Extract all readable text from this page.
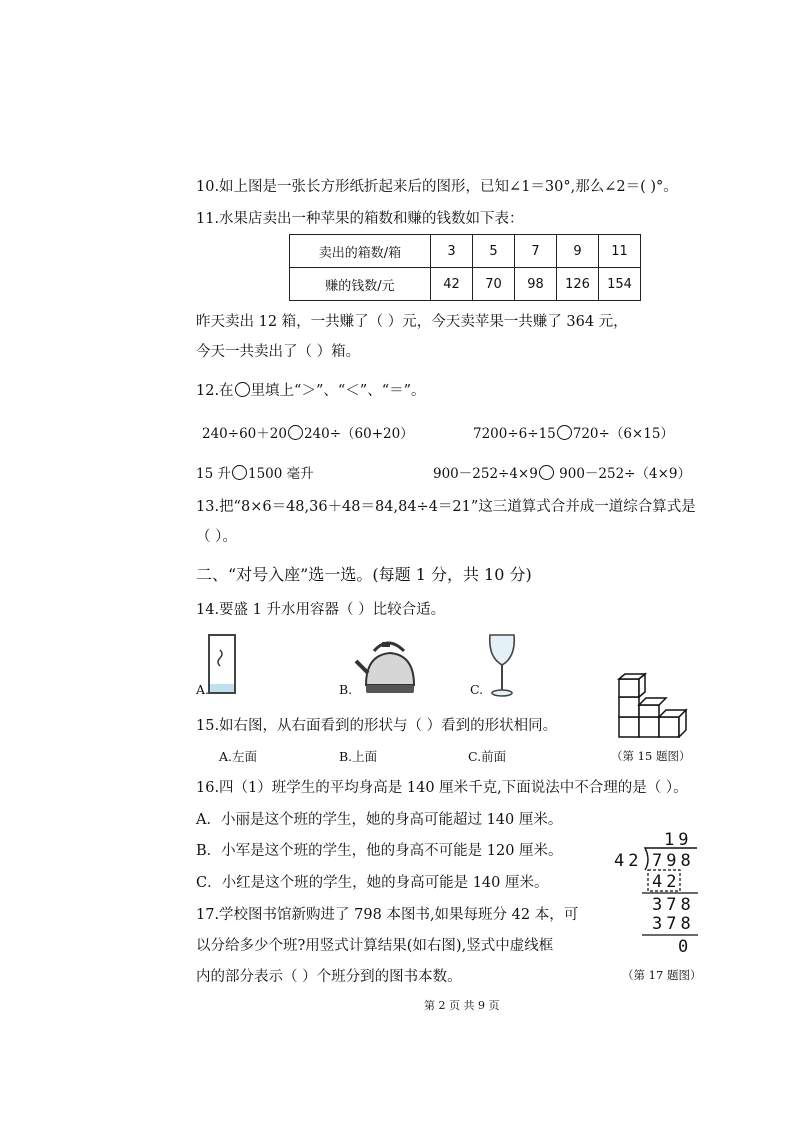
10.如上图是一张长方形纸折起来后的图形，已知∠1＝30°,那么∠2＝( )°。
11.水果店卖出一种苹果的箱数和赚的钱数如下表：
卖出的箱数/箱	3	5	7	9	11
赚的钱数/元	42	70	98	126	154
昨天卖出 12 箱，一共赚了（ ）元，今天卖苹果一共赚了 364 元，
今天一共卖出了（ ）箱。
12.在 里填上“＞”、“＜”、“＝”。
240÷60＋20 240÷（60+20）	7200÷6÷15 720÷（6×15）
15 升 1500 毫升	900－252÷4×9 900－252÷（4×9）
13.把“8×6＝48,36＋48＝84,84÷4＝21”这三道算式合并成一道综合算式是
（ ）。
二、“对号入座”选一选。(每题 1 分，共 10 分)
14.要盛 1 升水用容器（ ）比较合适。
A.	B.	C.
15.如右图，从右面看到的形状与（ ）看到的形状相同。
A.左面	B.上面	C.前面	（第 15 题图）
16.四（1）班学生的平均身高是 140 厘米千克,下面说法中不合理的是（ ）。
A．小丽是这个班的学生，她的身高可能超过 140 厘米。
B．小军是这个班的学生，他的身高不可能是 120 厘米。
C．小红是这个班的学生，她的身高可能是 140 厘米。
17.学校图书馆新购进了 798 本图书,如果每班分 42 本，可
以分给多少个班?用竖式计算结果(如右图),竖式中虚线框
内的部分表示（ ）个班分到的图书本数。
19
42 798
42
378
378
0
（第 17 题图）
第 2 页 共 9 页
